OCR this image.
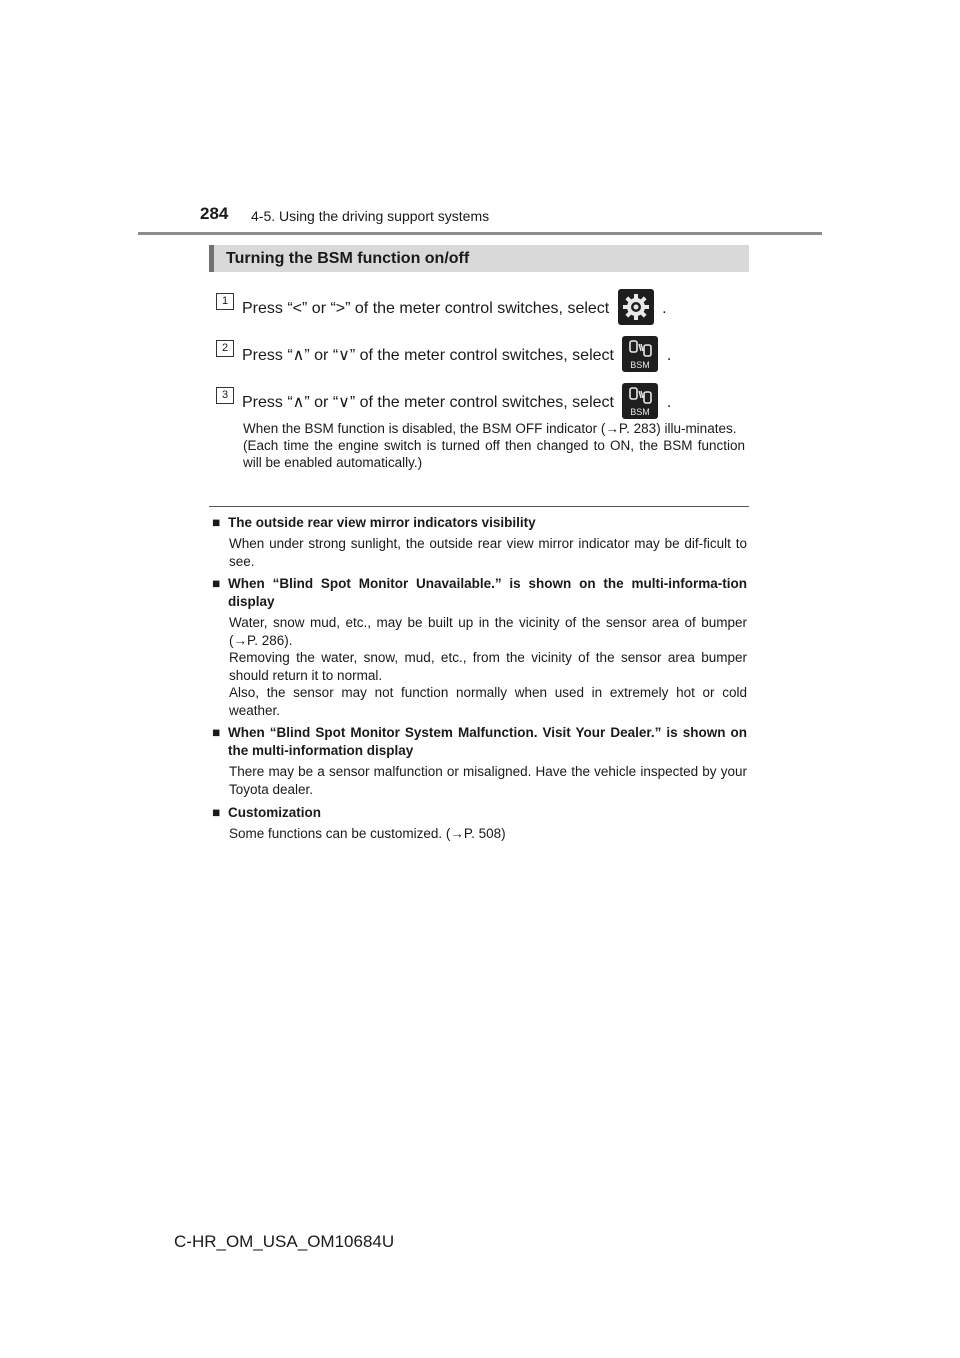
284 4-5. Using the driving support systems
Turning the BSM function on/off
1 Press “<” or “>” of the meter control switches, select	.
2 Press “∧” or “∨” of the meter control switches, select
BSM
.
3 Press “∧” or “∨” of the meter control switches, select
BSM
.

When the BSM function is disabled, the BSM OFF indicator (→P. 283) illu-minates.

(Each time the engine switch is turned off then changed to ON, the BSM function will be enabled automatically.)

■ The outside rear view mirror indicators visibility

When under strong sunlight, the outside rear view mirror indicator may be dif-ficult to see.

■ When “Blind Spot Monitor Unavailable.” is shown on the multi-informa-tion display

Water, snow mud, etc., may be built up in the vicinity of the sensor area of bumper (→P. 286).

Removing the water, snow, mud, etc., from the vicinity of the sensor area bumper should return it to normal.

Also, the sensor may not function normally when used in extremely hot or cold weather.

■ When “Blind Spot Monitor System Malfunction. Visit Your Dealer.” is shown on the multi-information display

There may be a sensor malfunction or misaligned. Have the vehicle inspected by your Toyota dealer.

■ Customization

Some functions can be customized. (→P. 508)

C-HR_OM_USA_OM10684U
